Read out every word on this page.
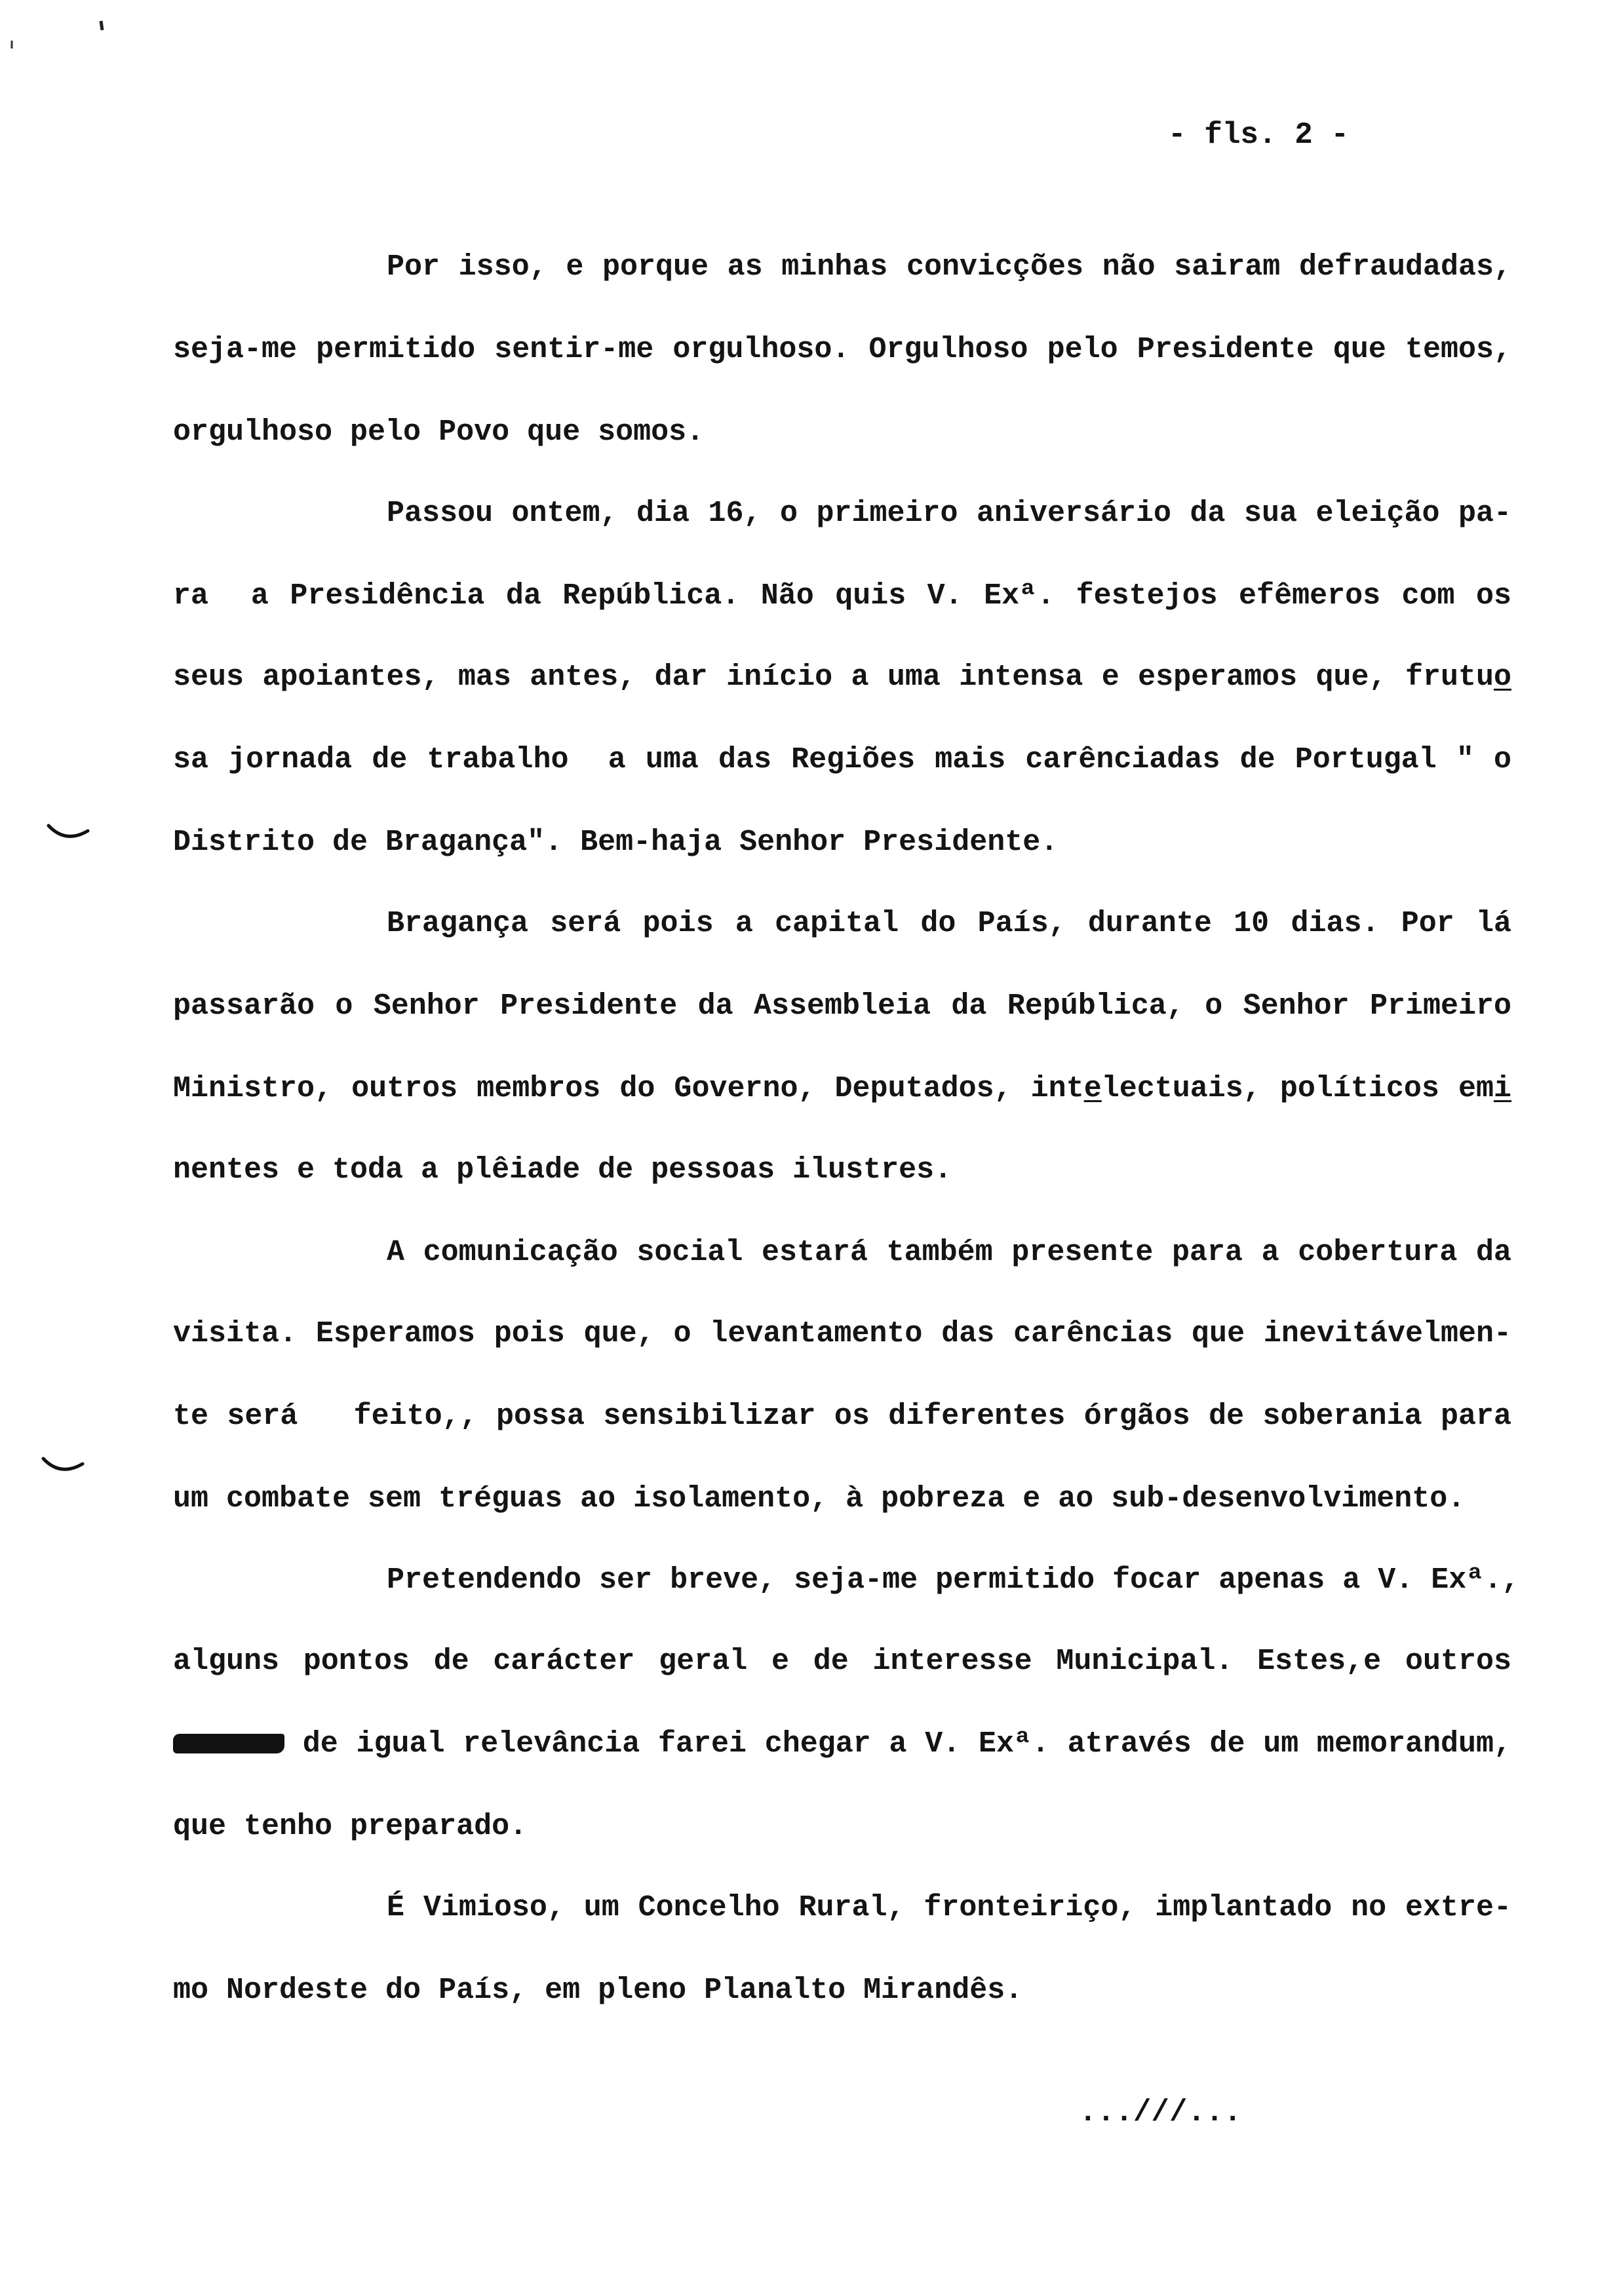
- fls. 2 -
Por isso, e porque as minhas convicções não sairam defraudadas,
seja-me permitido sentir-me orgulhoso. Orgulhoso pelo Presidente que temos,
orgulhoso pelo Povo que somos.
Passou ontem, dia 16, o primeiro aniversário da sua eleição pa-
ra  a Presidência da República. Não quis V. Exª. festejos efêmeros com os
seus apoiantes, mas antes, dar início a uma intensa e esperamos que, frutuo
sa jornada de trabalho  a uma das Regiões mais carênciadas de Portugal " o
Distrito de Bragança". Bem-haja Senhor Presidente.
Bragança será pois a capital do País, durante 10 dias. Por lá
passarão o Senhor Presidente da Assembleia da República, o Senhor Primeiro
Ministro, outros membros do Governo, Deputados, intelectuais, políticos emi
nentes e toda a plêiade de pessoas ilustres.
A comunicação social estará também presente para a cobertura da
visita. Esperamos pois que, o levantamento das carências que inevitávelmen-
te será   feito,, possa sensibilizar os diferentes órgãos de soberania para
um combate sem tréguas ao isolamento, à pobreza e ao sub-desenvolvimento.
Pretendendo ser breve, seja-me permitido focar apenas a V. Exª.,
alguns pontos de carácter geral e de interesse Municipal. Estes,e outros
de igual relevância farei chegar a V. Exª. através de um memorandum,
que tenho preparado.
É Vimioso, um Concelho Rural, fronteiriço, implantado no extre-
mo Nordeste do País, em pleno Planalto Mirandês.
...///...
